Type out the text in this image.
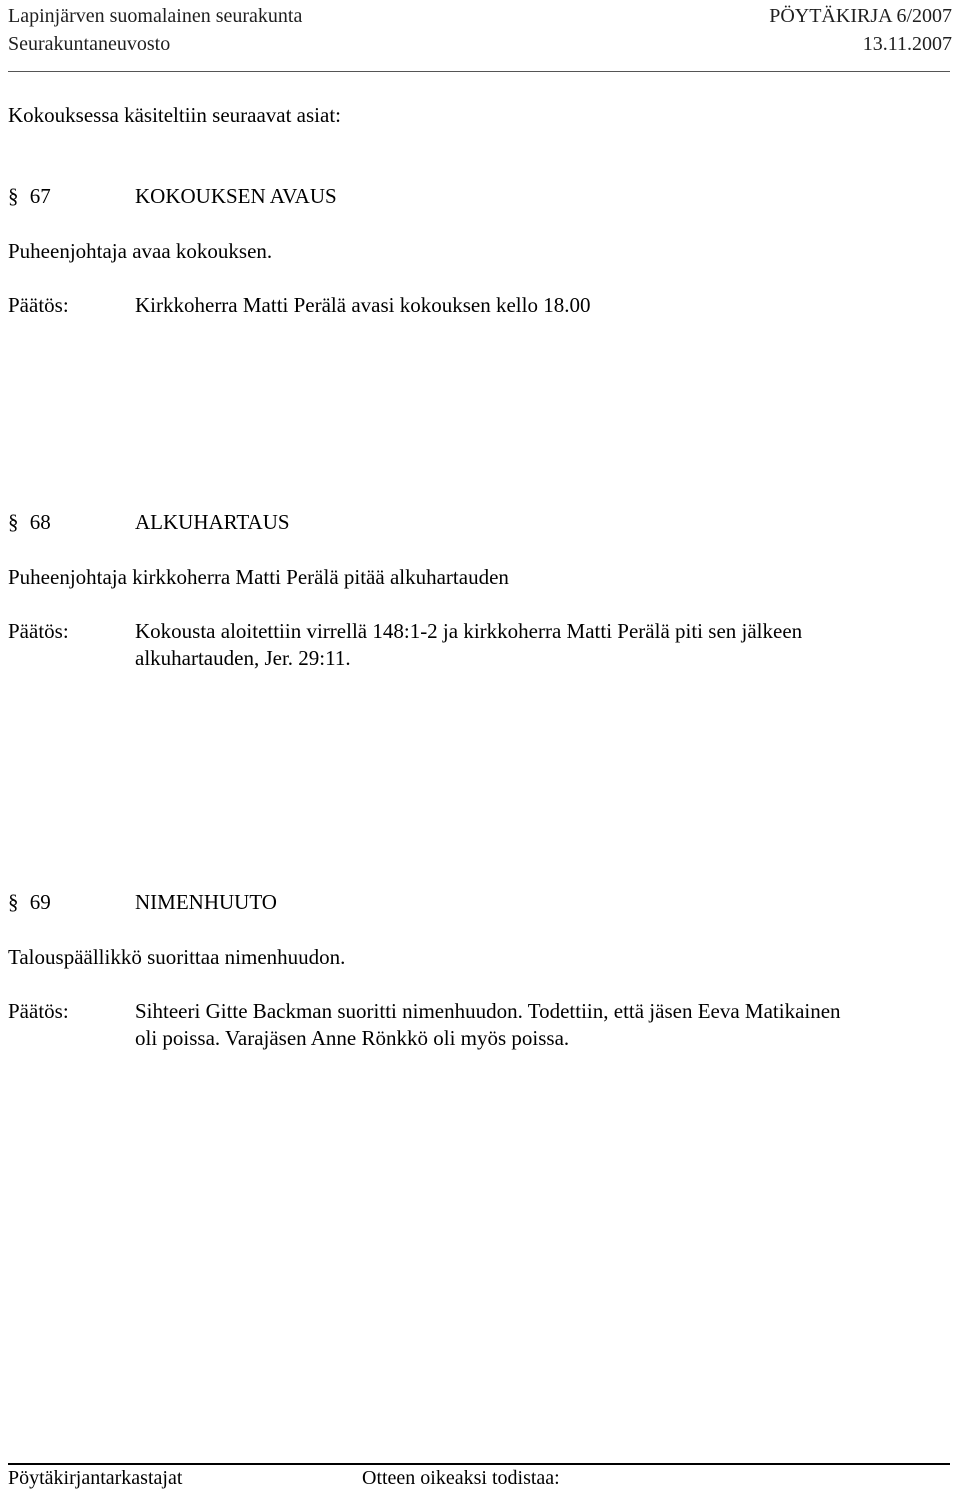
Lapinjärven suomalainen seurakunta	PÖYTÄKIRJA 6/2007
Seurakuntaneuvosto	13.11.2007
Kokouksessa käsiteltiin seuraavat asiat:
§ 67	KOKOUKSEN AVAUS
Puheenjohtaja avaa kokouksen.
Päätös:	Kirkkoherra Matti Perälä avasi kokouksen kello 18.00
§ 68	ALKUHARTAUS
Puheenjohtaja kirkkoherra Matti Perälä pitää alkuhartauden
Päätös:	Kokousta aloitettiin virrellä 148:1-2 ja kirkkoherra Matti Perälä piti sen jälkeen
alkuhartauden, Jer. 29:11.
§ 69	NIMENHUUTO
Talouspäällikkö suorittaa nimenhuudon.
Päätös:	Sihteeri Gitte Backman suoritti nimenhuudon. Todettiin, että jäsen Eeva Matikainen
oli poissa. Varajäsen Anne Rönkkö oli myös poissa.
Pöytäkirjantarkastajat	Otteen oikeaksi todistaa:
